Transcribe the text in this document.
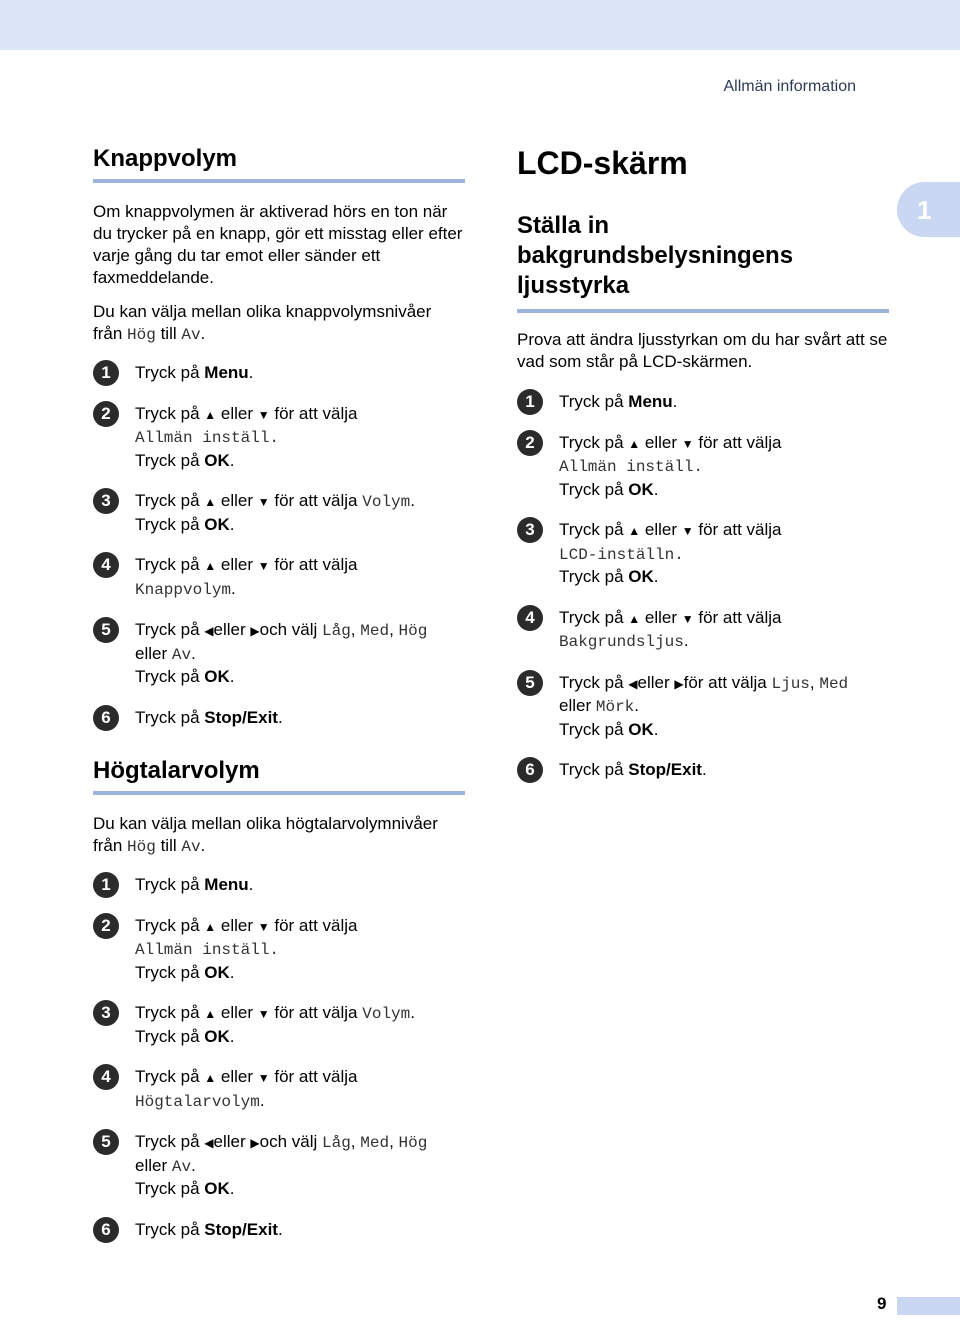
Allmän information
1
Knappvolym

Om knappvolymen är aktiverad hörs en ton när du trycker på en knapp, gör ett misstag eller efter varje gång du tar emot eller sänder ett faxmeddelande.

Du kan välja mellan olika knappvolymsnivåer från Hög till Av.

1	Tryck på Menu.
2	Tryck på ▲ eller ▼ för att välja
Allmän inställ.
Tryck på OK.
3	Tryck på ▲ eller ▼ för att välja Volym.
Tryck på OK.
4	Tryck på ▲ eller ▼ för att välja
Knappvolym.
5	Tryck på ◀eller ▶och välj Låg, Med, Hög
eller Av.
Tryck på OK.
6	Tryck på Stop/Exit.
Högtalarvolym

Du kan välja mellan olika högtalarvolymnivåer från Hög till Av.

1	Tryck på Menu.
2	Tryck på ▲ eller ▼ för att välja
Allmän inställ.
Tryck på OK.
3	Tryck på ▲ eller ▼ för att välja Volym.
Tryck på OK.
4	Tryck på ▲ eller ▼ för att välja
Högtalarvolym.
5	Tryck på ◀eller ▶och välj Låg, Med, Hög
eller Av.
Tryck på OK.
6	Tryck på Stop/Exit.
LCD-skärm
Ställa in bakgrundsbelysningens ljusstyrka

Prova att ändra ljusstyrkan om du har svårt att se vad som står på LCD-skärmen.

1	Tryck på Menu.
2	Tryck på ▲ eller ▼ för att välja
Allmän inställ.
Tryck på OK.
3	Tryck på ▲ eller ▼ för att välja
LCD-inställn.
Tryck på OK.
4	Tryck på ▲ eller ▼ för att välja
Bakgrundsljus.
5	Tryck på ◀eller ▶för att välja Ljus, Med
eller Mörk.
Tryck på OK.
6	Tryck på Stop/Exit.
9
